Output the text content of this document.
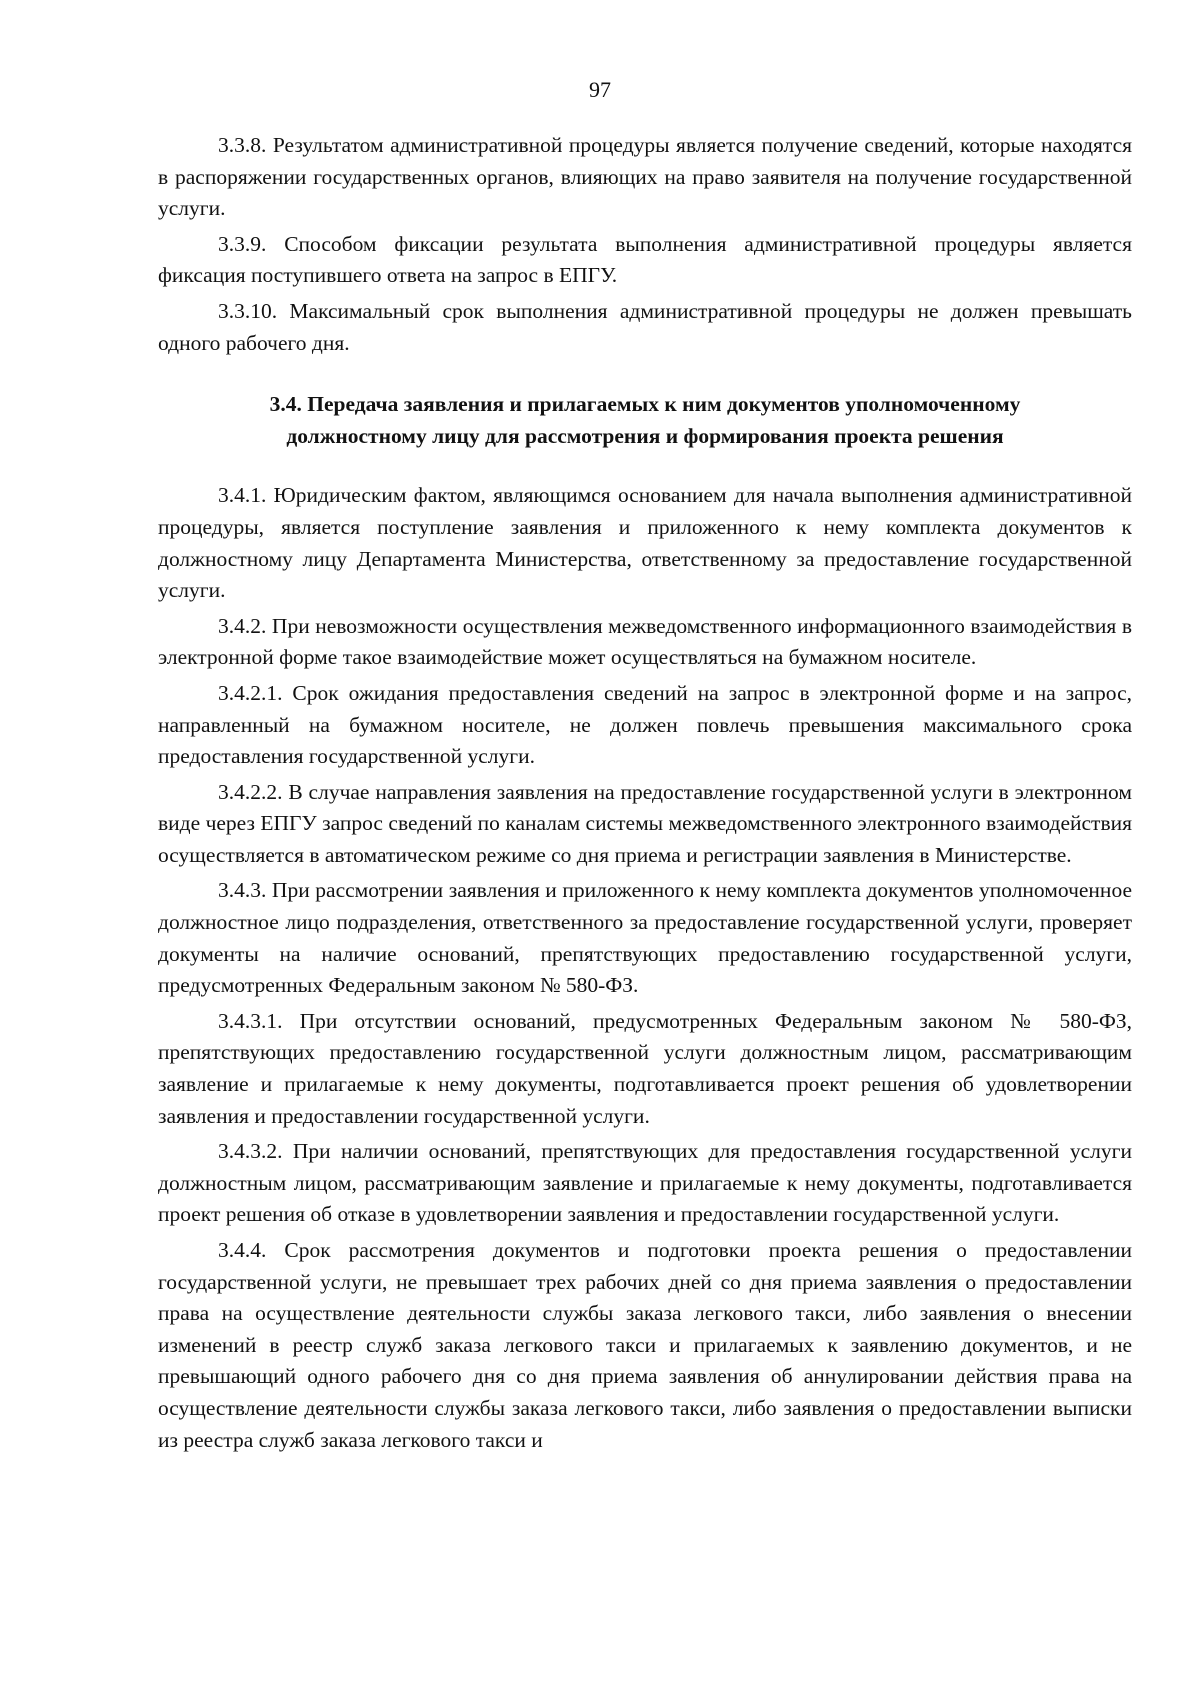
97

3.3.8. Результатом административной процедуры является получение сведений, которые находятся в распоряжении государственных органов, влияющих на право заявителя на получение государственной услуги.

3.3.9. Способом фиксации результата выполнения административной процедуры является фиксация поступившего ответа на запрос в ЕПГУ.

3.3.10. Максимальный срок выполнения административной процедуры не должен превышать одного рабочего дня.

3.4. Передача заявления и прилагаемых к ним документов уполномоченному
должностному лицу для рассмотрения и формирования проекта решения

3.4.1. Юридическим фактом, являющимся основанием для начала выполнения административной процедуры, является поступление заявления и приложенного к нему комплекта документов к должностному лицу Департамента Министерства, ответственному за предоставление государственной услуги.

3.4.2. При невозможности осуществления межведомственного информационного взаимодействия в электронной форме такое взаимодействие может осуществляться на бумажном носителе.

3.4.2.1. Срок ожидания предоставления сведений на запрос в электронной форме и на запрос, направленный на бумажном носителе, не должен повлечь превышения максимального срока предоставления государственной услуги.

3.4.2.2. В случае направления заявления на предоставление государственной услуги в электронном виде через ЕПГУ запрос сведений по каналам системы межведомственного электронного взаимодействия осуществляется в автоматическом режиме со дня приема и регистрации заявления в Министерстве.

3.4.3. При рассмотрении заявления и приложенного к нему комплекта документов уполномоченное должностное лицо подразделения, ответственного за предоставление государственной услуги, проверяет документы на наличие оснований, препятствующих предоставлению государственной услуги, предусмотренных Федеральным законом № 580-ФЗ.

3.4.3.1. При отсутствии оснований, предусмотренных Федеральным законом № 580-ФЗ, препятствующих предоставлению государственной услуги должностным лицом, рассматривающим заявление и прилагаемые к нему документы, подготавливается проект решения об удовлетворении заявления и предоставлении государственной услуги.

3.4.3.2. При наличии оснований, препятствующих для предоставления государственной услуги должностным лицом, рассматривающим заявление и прилагаемые к нему документы, подготавливается проект решения об отказе в удовлетворении заявления и предоставлении государственной услуги.

3.4.4. Срок рассмотрения документов и подготовки проекта решения о предоставлении государственной услуги, не превышает трех рабочих дней со дня приема заявления о предоставлении права на осуществление деятельности службы заказа легкового такси, либо заявления о внесении изменений в реестр служб заказа легкового такси и прилагаемых к заявлению документов, и не превышающий одного рабочего дня со дня приема заявления об аннулировании действия права на осуществление деятельности службы заказа легкового такси, либо заявления о предоставлении выписки из реестра служб заказа легкового такси и
